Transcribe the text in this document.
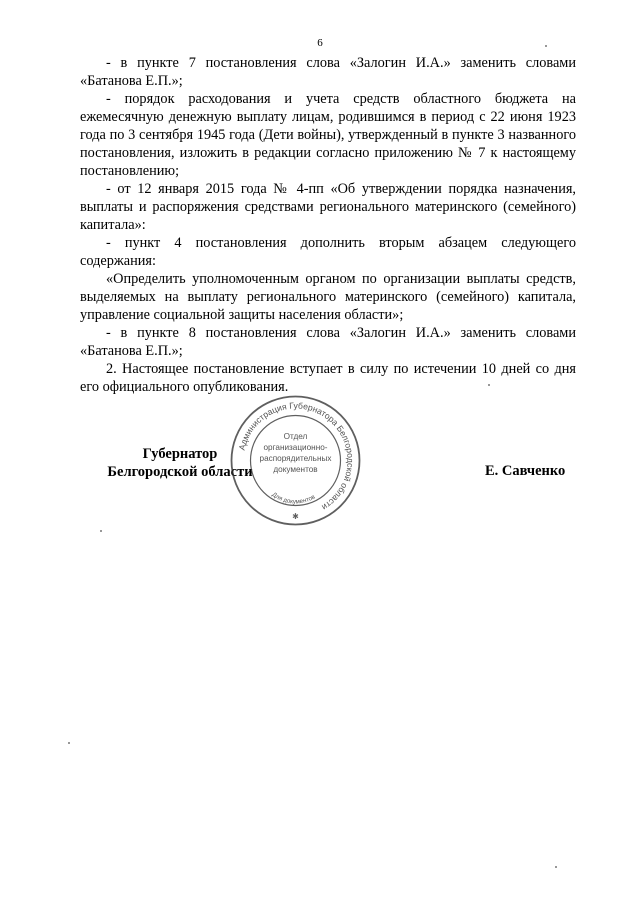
6

- в пункте 7 постановления слова «Залогин И.А.» заменить словами «Батанова Е.П.»;

- порядок расходования и учета средств областного бюджета на ежемесячную денежную выплату лицам, родившимся в период с 22 июня 1923 года по 3 сентября 1945 года (Дети войны), утвержденный в пункте 3 названного постановления, изложить в редакции согласно приложению № 7 к настоящему постановлению;

- от 12 января 2015 года № 4-пп «Об утверждении порядка назначения, выплаты и распоряжения средствами регионального материнского (семейного) капитала»:

- пункт 4 постановления дополнить вторым абзацем следующего содержания:

«Определить уполномоченным органом по организации выплаты средств, выделяемых на выплату регионального материнского (семейного) капитала, управление социальной защиты населения области»;

- в пункте 8 постановления слова «Залогин И.А.» заменить словами «Батанова Е.П.»;

2. Настоящее постановление вступает в силу по истечении 10 дней со дня его официального опубликования.

Губернатор
Белгородской области	Е. Савченко
Администрация Губернатора Белгородской области
Отдел
организационно-
распорядительных
документов
Для документов
✱
